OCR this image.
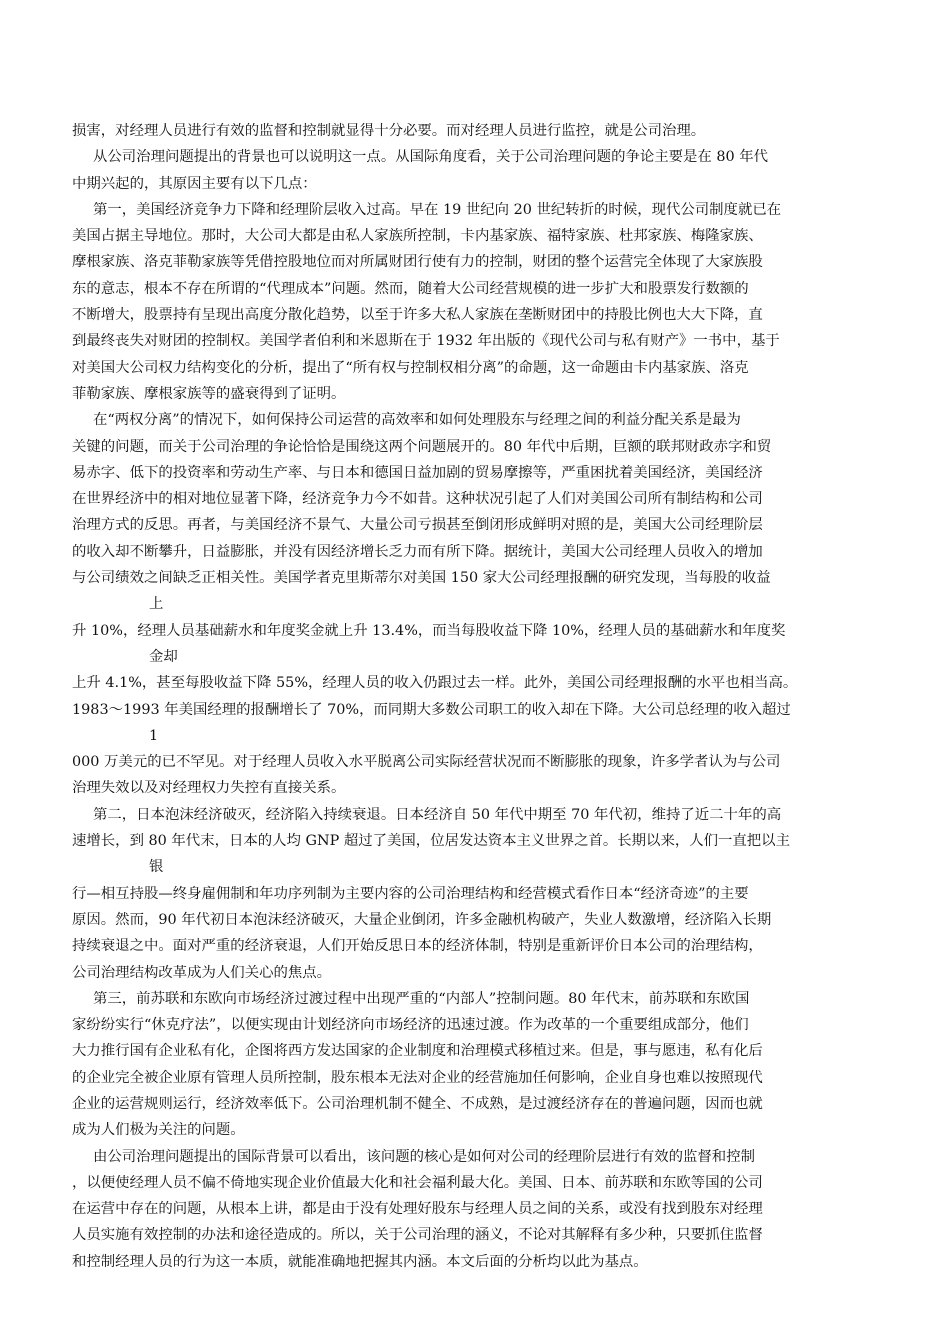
损害，对经理人员进行有效的监督和控制就显得十分必要。而对经理人员进行监控，就是公司治理。
从公司治理问题提出的背景也可以说明这一点。从国际角度看，关于公司治理问题的争论主要是在 80 年代
中期兴起的，其原因主要有以下几点：
第一，美国经济竞争力下降和经理阶层收入过高。早在 19 世纪向 20 世纪转折的时候，现代公司制度就已在
美国占据主导地位。那时，大公司大都是由私人家族所控制，卡内基家族、福特家族、杜邦家族、梅隆家族、
摩根家族、洛克菲勒家族等凭借控股地位而对所属财团行使有力的控制，财团的整个运营完全体现了大家族股
东的意志，根本不存在所谓的“代理成本”问题。然而，随着大公司经营规模的进一步扩大和股票发行数额的
不断增大，股票持有呈现出高度分散化趋势，以至于许多大私人家族在垄断财团中的持股比例也大大下降，直
到最终丧失对财团的控制权。美国学者伯利和米恩斯在于 1932 年出版的《现代公司与私有财产》一书中，基于
对美国大公司权力结构变化的分析，提出了“所有权与控制权相分离”的命题，这一命题由卡内基家族、洛克
菲勒家族、摩根家族等的盛衰得到了证明。
在“两权分离”的情况下，如何保持公司运营的高效率和如何处理股东与经理之间的利益分配关系是最为
关键的问题，而关于公司治理的争论恰恰是围绕这两个问题展开的。80 年代中后期，巨额的联邦财政赤字和贸
易赤字、低下的投资率和劳动生产率、与日本和德国日益加剧的贸易摩擦等，严重困扰着美国经济，美国经济
在世界经济中的相对地位显著下降，经济竞争力今不如昔。这种状况引起了人们对美国公司所有制结构和公司
治理方式的反思。再者，与美国经济不景气、大量公司亏损甚至倒闭形成鲜明对照的是，美国大公司经理阶层
的收入却不断攀升，日益膨胀，并没有因经济增长乏力而有所下降。据统计，美国大公司经理人员收入的增加
与公司绩效之间缺乏正相关性。美国学者克里斯蒂尔对美国 150 家大公司经理报酬的研究发现，当每股的收益
上
升 10%，经理人员基础薪水和年度奖金就上升 13.4%，而当每股收益下降 10%，经理人员的基础薪水和年度奖
金却
上升 4.1%，甚至每股收益下降 55%，经理人员的收入仍跟过去一样。此外，美国公司经理报酬的水平也相当高。
1983～1993 年美国经理的报酬增长了 70%，而同期大多数公司职工的收入却在下降。大公司总经理的收入超过
1
000 万美元的已不罕见。对于经理人员收入水平脱离公司实际经营状况而不断膨胀的现象，许多学者认为与公司
治理失效以及对经理权力失控有直接关系。
第二，日本泡沫经济破灭，经济陷入持续衰退。日本经济自 50 年代中期至 70 年代初，维持了近二十年的高
速增长，到 80 年代末，日本的人均 GNP 超过了美国，位居发达资本主义世界之首。长期以来，人们一直把以主
银
行—相互持股—终身雇佣制和年功序列制为主要内容的公司治理结构和经营模式看作日本“经济奇迹”的主要
原因。然而，90 年代初日本泡沫经济破灭，大量企业倒闭，许多金融机构破产，失业人数激增，经济陷入长期
持续衰退之中。面对严重的经济衰退，人们开始反思日本的经济体制，特别是重新评价日本公司的治理结构，
公司治理结构改革成为人们关心的焦点。
第三，前苏联和东欧向市场经济过渡过程中出现严重的“内部人”控制问题。80 年代末，前苏联和东欧国
家纷纷实行“休克疗法”，以便实现由计划经济向市场经济的迅速过渡。作为改革的一个重要组成部分，他们
大力推行国有企业私有化，企图将西方发达国家的企业制度和治理模式移植过来。但是，事与愿违，私有化后
的企业完全被企业原有管理人员所控制，股东根本无法对企业的经营施加任何影响，企业自身也难以按照现代
企业的运营规则运行，经济效率低下。公司治理机制不健全、不成熟，是过渡经济存在的普遍问题，因而也就
成为人们极为关注的问题。
由公司治理问题提出的国际背景可以看出，该问题的核心是如何对公司的经理阶层进行有效的监督和控制
，以便使经理人员不偏不倚地实现企业价值最大化和社会福利最大化。美国、日本、前苏联和东欧等国的公司
在运营中存在的问题，从根本上讲，都是由于没有处理好股东与经理人员之间的关系，或没有找到股东对经理
人员实施有效控制的办法和途径造成的。所以，关于公司治理的涵义，不论对其解释有多少种，只要抓住监督
和控制经理人员的行为这一本质，就能准确地把握其内涵。本文后面的分析均以此为基点。
